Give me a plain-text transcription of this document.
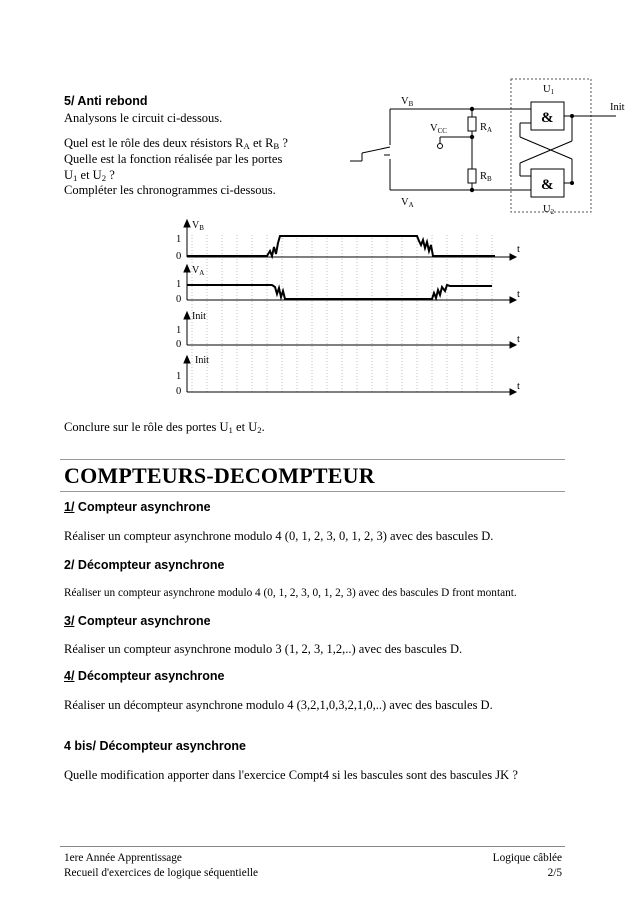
5/ Anti rebond
Analysons le circuit ci-dessous.
Quel est le rôle des deux résistors $R_A$ et $R_B$ ?
Quelle est la fonction réalisée par les portes
$U_1$ et $U_2$ ?
Compléter les chronogrammes ci-dessous.
VB
VA
VCC	RA
RB
U1
U2
&
&
Init
$V_B$
1
0
t
$V_A$
1
0	t
Init
1
0	t
Init
1
0	t
Conclure sur le rôle des portes $U_1$ et $U_2$.
COMPTEURS-DECOMPTEUR
1/ Compteur asynchrone
Réaliser un compteur asynchrone modulo 4 (0, 1, 2, 3, 0, 1, 2, 3) avec des bascules D.
2/ Décompteur asynchrone
Réaliser un compteur asynchrone modulo 4 (0, 1, 2, 3, 0, 1, 2, 3) avec des bascules D front montant.
3/ Compteur asynchrone
Réaliser un compteur asynchrone modulo 3 (1, 2, 3, 1,2,..) avec des bascules D.
4/ Décompteur asynchrone
Réaliser un décompteur asynchrone modulo 4 (3,2,1,0,3,2,1,0,..) avec des bascules D.
4 bis/ Décompteur asynchrone
Quelle modification apporter dans l'exercice Compt4 si les bascules sont des bascules JK ?
1ere Année Apprentissage
Recueil d'exercices de logique séquentielle
Logique câblée
2/5
